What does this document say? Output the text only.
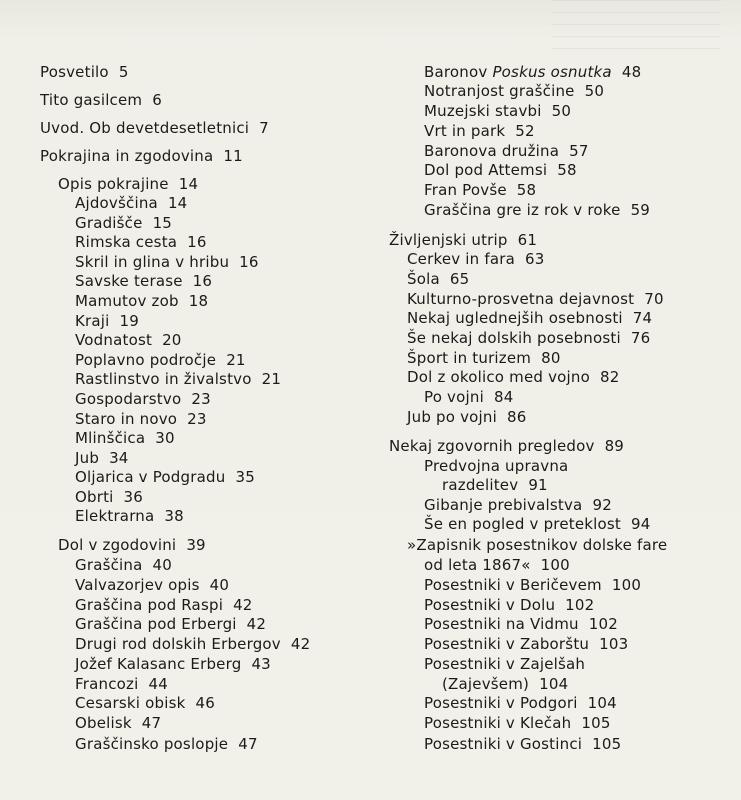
Posvetilo 5
Tito gasilcem 6
Uvod. Ob devetdesetletnici 7
Pokrajina in zgodovina 11
Opis pokrajine 14
Ajdovščina 14
Gradišče 15
Rimska cesta 16
Skril in glina v hribu 16
Savske terase 16
Mamutov zob 18
Kraji 19
Vodnatost 20
Poplavno področje 21
Rastlinstvo in živalstvo 21
Gospodarstvo 23
Staro in novo 23
Mlinščica 30
Jub 34
Oljarica v Podgradu 35
Obrti 36
Elektrarna 38
Dol v zgodovini 39
Graščina 40
Valvazorjev opis 40
Graščina pod Raspi 42
Graščina pod Erbergi 42
Drugi rod dolskih Erbergov 42
Jožef Kalasanc Erberg 43
Francozi 44
Cesarski obisk 46
Obelisk 47
Graščinsko poslopje 47
Baronov Poskus osnutka 48
Notranjost graščine 50
Muzejski stavbi 50
Vrt in park 52
Baronova družina 57
Dol pod Attemsi 58
Fran Povše 58
Graščina gre iz rok v roke 59
Življenjski utrip 61
Cerkev in fara 63
Šola 65
Kulturno-prosvetna dejavnost 70
Nekaj uglednejših osebnosti 74
Še nekaj dolskih posebnosti 76
Šport in turizem 80
Dol z okolico med vojno 82
Po vojni 84
Jub po vojni 86
Nekaj zgovornih pregledov 89
Predvojna upravna
razdelitev 91
Gibanje prebivalstva 92
Še en pogled v preteklost 94
»Zapisnik posestnikov dolske fare
od leta 1867« 100
Posestniki v Beričevem 100
Posestniki v Dolu 102
Posestniki na Vidmu 102
Posestniki v Zaborštu 103
Posestniki v Zajelšah
(Zajevšem) 104
Posestniki v Podgori 104
Posestniki v Klečah 105
Posestniki v Gostinci 105
